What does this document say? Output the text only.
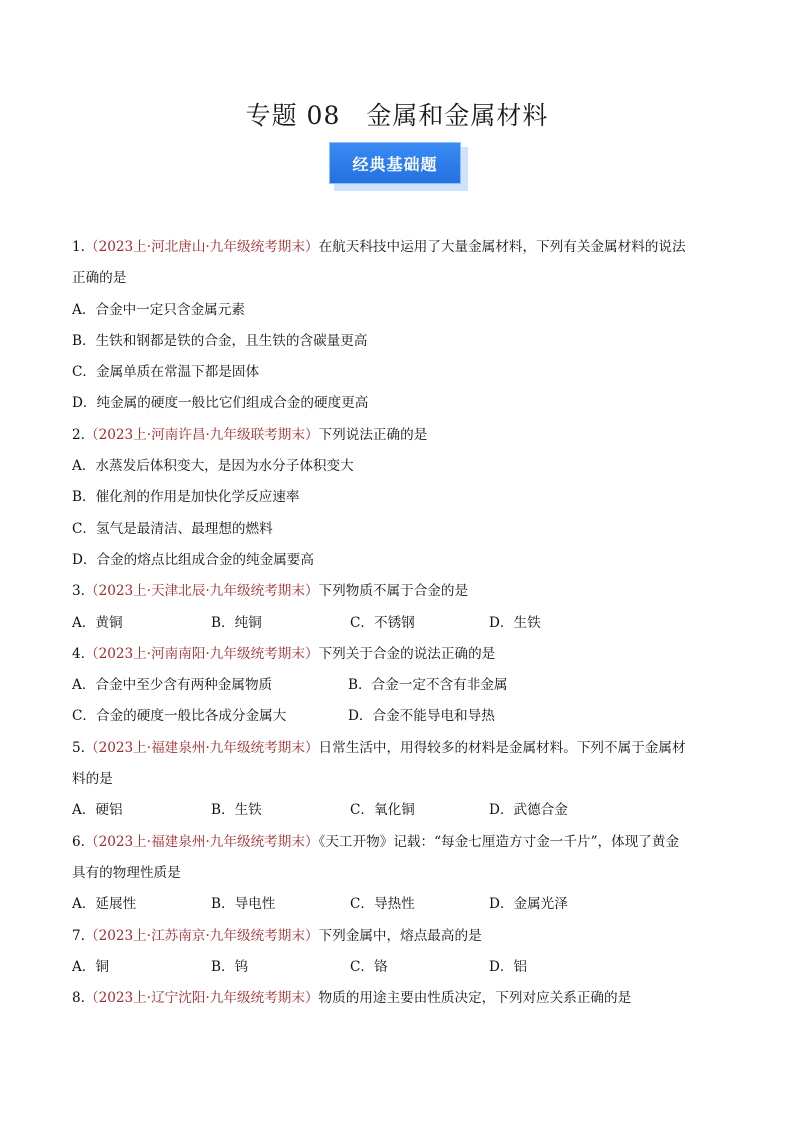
专题 08 金属和金属材料
经典基础题
1.（2023上·河北唐山·九年级统考期末）在航天科技中运用了大量金属材料，下列有关金属材料的说法
正确的是
A．合金中一定只含金属元素
B．生铁和钢都是铁的合金，且生铁的含碳量更高
C．金属单质在常温下都是固体
D．纯金属的硬度一般比它们组成合金的硬度更高
2.（2023上·河南许昌·九年级联考期末）下列说法正确的是
A．水蒸发后体积变大，是因为水分子体积变大
B．催化剂的作用是加快化学反应速率
C．氢气是最清洁、最理想的燃料
D．合金的熔点比组成合金的纯金属要高
3.（2023上·天津北辰·九年级统考期末）下列物质不属于合金的是
A．黄铜	B．纯铜	C．不锈钢	D．生铁
4.（2023上·河南南阳·九年级统考期末）下列关于合金的说法正确的是
A．合金中至少含有两种金属物质	B．合金一定不含有非金属
C．合金的硬度一般比各成分金属大	D．合金不能导电和导热
5.（2023上·福建泉州·九年级统考期末）日常生活中，用得较多的材料是金属材料。下列不属于金属材
料的是
A．硬铝	B．生铁	C．氧化铜	D．武德合金
6.（2023上·福建泉州·九年级统考期末）《天工开物》记载：“每金七厘造方寸金一千片”，体现了黄金
具有的物理性质是
A．延展性	B．导电性	C．导热性	D．金属光泽
7.（2023上·江苏南京·九年级统考期末）下列金属中，熔点最高的是
A．铜	B．钨	C．铬	D．铝
8.（2023上·辽宁沈阳·九年级统考期末）物质的用途主要由性质决定，下列对应关系正确的是
